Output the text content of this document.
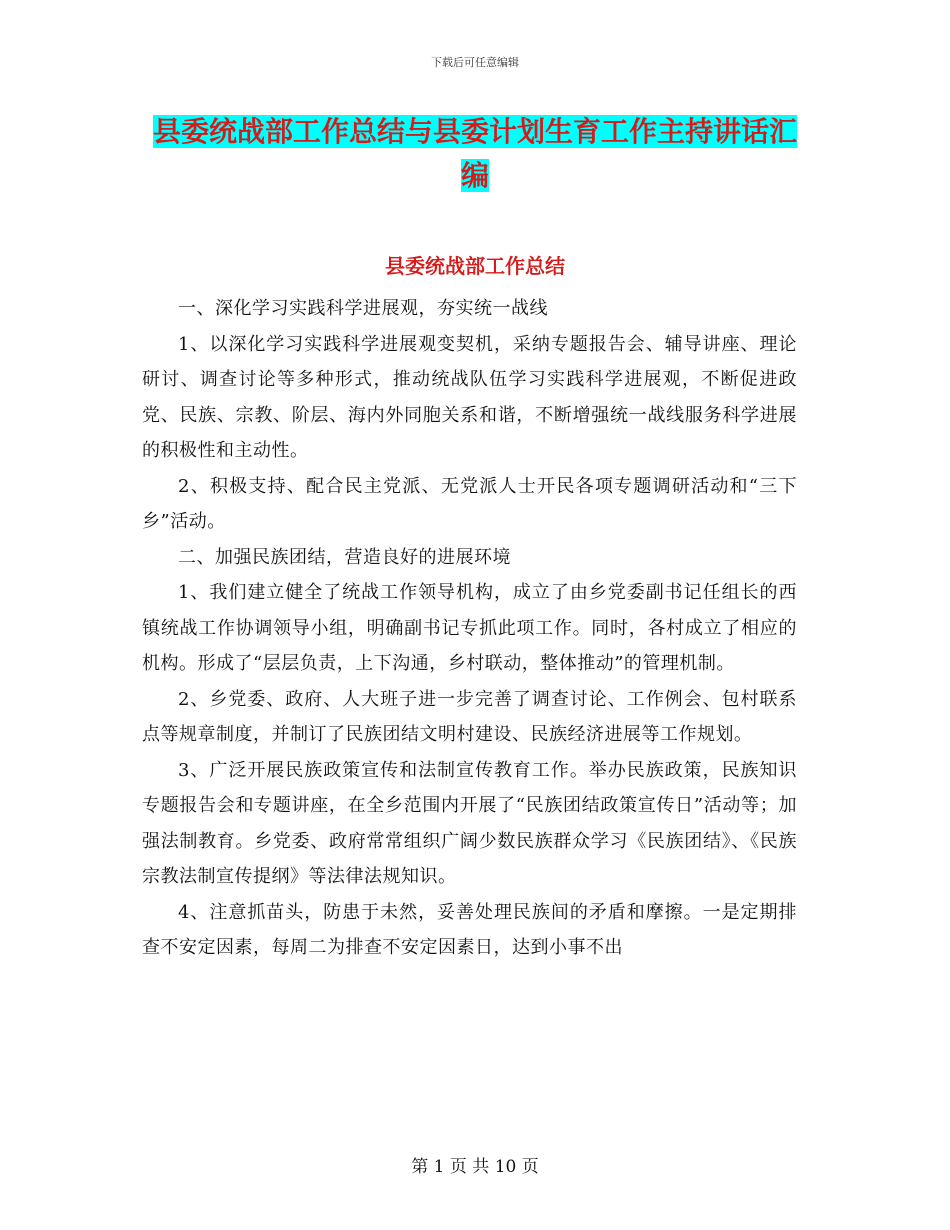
下载后可任意编辑
县委统战部工作总结与县委计划生育工作主持讲话汇编
县委统战部工作总结

一、深化学习实践科学进展观，夯实统一战线

1、以深化学习实践科学进展观变契机，采纳专题报告会、辅导讲座、理论研讨、调查讨论等多种形式，推动统战队伍学习实践科学进展观，不断促进政党、民族、宗教、阶层、海内外同胞关系和谐，不断增强统一战线服务科学进展的积极性和主动性。

2、积极支持、配合民主党派、无党派人士开民各项专题调研活动和“三下乡”活动。

二、加强民族团结，营造良好的进展环境

1、我们建立健全了统战工作领导机构，成立了由乡党委副书记任组长的西镇统战工作协调领导小组，明确副书记专抓此项工作。同时，各村成立了相应的机构。形成了“层层负责，上下沟通，乡村联动，整体推动”的管理机制。

2、乡党委、政府、人大班子进一步完善了调查讨论、工作例会、包村联系点等规章制度，并制订了民族团结文明村建设、民族经济进展等工作规划。

3、广泛开展民族政策宣传和法制宣传教育工作。举办民族政策，民族知识专题报告会和专题讲座，在全乡范围内开展了“民族团结政策宣传日”活动等；加强法制教育。乡党委、政府常常组织广阔少数民族群众学习《民族团结》、《民族宗教法制宣传提纲》等法律法规知识。

4、注意抓苗头，防患于未然，妥善处理民族间的矛盾和摩擦。一是定期排查不安定因素，每周二为排查不安定因素日，达到小事不出

第 1 页 共 10 页
